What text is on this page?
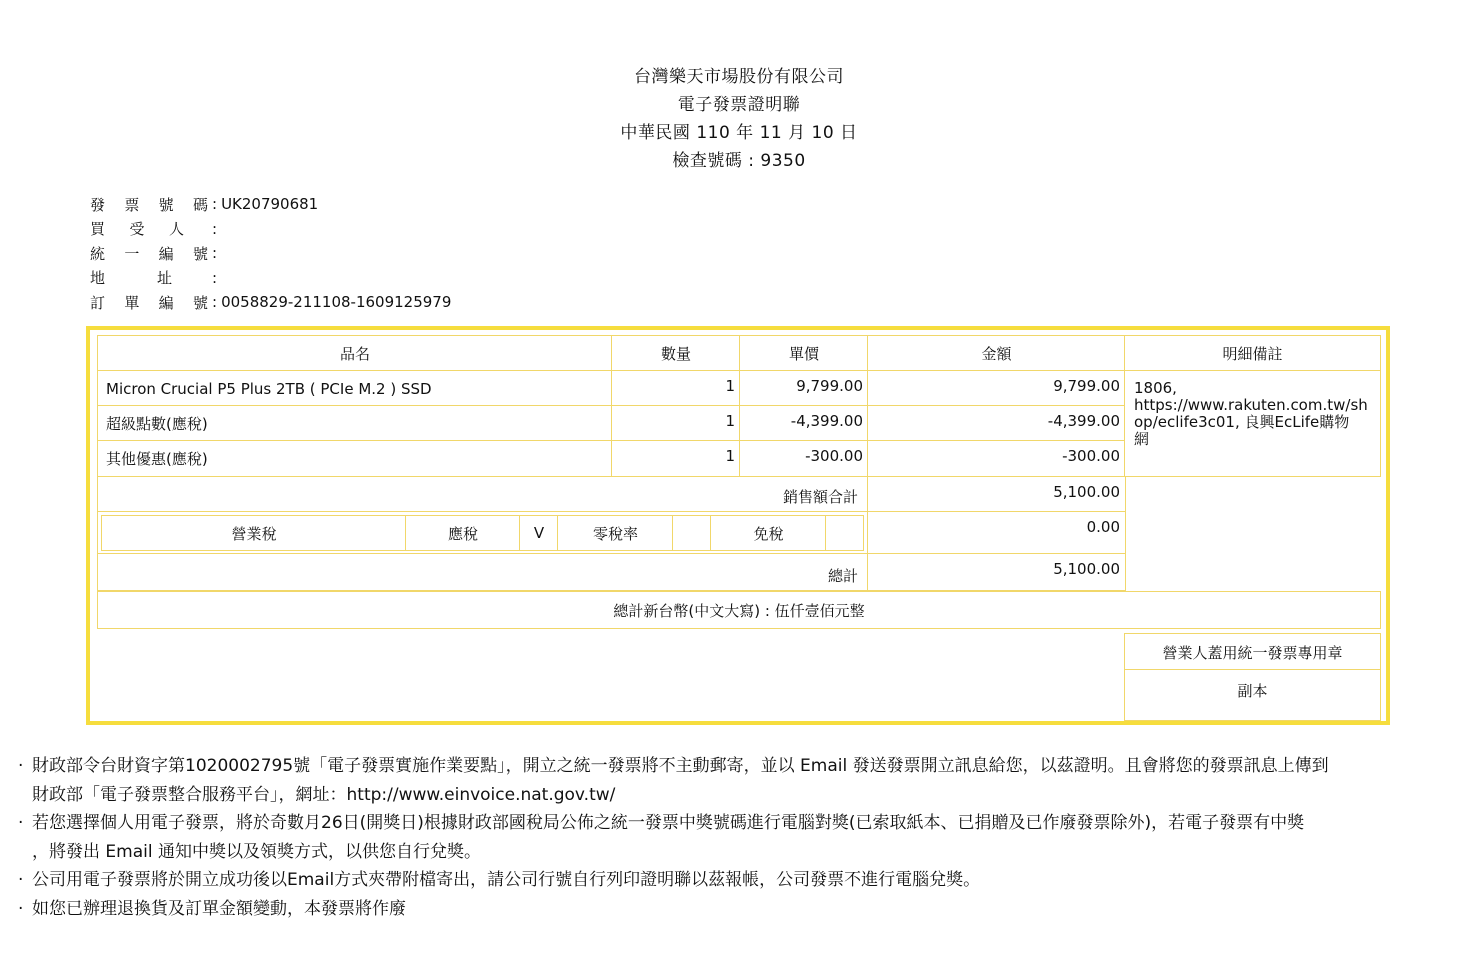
台灣樂天市場股份有限公司
電子發票證明聯
中華民國 110 年 11 月 10 日
檢查號碼 : 9350
發 票 號 碼 : UK20790681
買 受 人 :
統 一 編 號 :
地	址	:
訂 單 編 號 : 0058829-211108-1609125979
品名	數量	單價	金額	明細備註
Micron Crucial P5 Plus 2TB ( PCIe M.2 ) SSD	1	9,799.00	9,799.00
超級點數(應稅)	1	-4,399.00	-4,399.00
其他優惠(應稅)	1	-300.00	-300.00
1806,
https://www.rakuten.com.tw/sh
op/eclife3c01, 良興EcLife購物
網
銷售額合計	5,100.00
營業稅	應稅	V	零稅率	免稅	0.00
總計	5,100.00
總計新台幣(中文大寫) : 伍仟壹佰元整
營業人蓋用統一發票專用章
副本
· 財政部令台財資字第1020002795號「電子發票實施作業要點」，開立之統一發票將不主動郵寄，並以 Email 發送發票開立訊息給您，以茲證明。且會將您的發票訊息上傳到
財政部「電子發票整合服務平台」，網址：http://www.einvoice.nat.gov.tw/
· 若您選擇個人用電子發票，將於奇數月26日(開獎日)根據財政部國稅局公佈之統一發票中獎號碼進行電腦對獎(已索取紙本、已捐贈及已作廢發票除外)，若電子發票有中獎
，將發出 Email 通知中獎以及領獎方式，以供您自行兌獎。
· 公司用電子發票將於開立成功後以Email方式夾帶附檔寄出，請公司行號自行列印證明聯以茲報帳，公司發票不進行電腦兌獎。
· 如您已辦理退換貨及訂單金額變動，本發票將作廢
